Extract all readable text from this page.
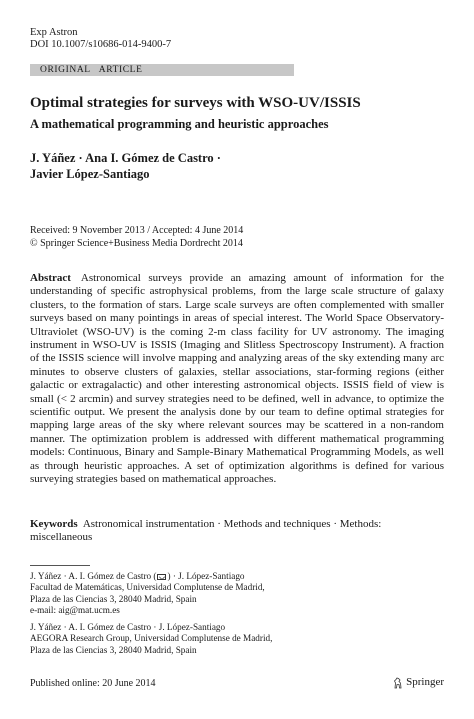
Exp Astron
DOI 10.1007/s10686-014-9400-7
ORIGINAL   ARTICLE
Optimal strategies for surveys with WSO-UV/ISSIS
A mathematical programming and heuristic approaches
J. Yáñez · Ana I. Gómez de Castro ·
Javier López-Santiago
Received: 9 November 2013 / Accepted: 4 June 2014
© Springer Science+Business Media Dordrecht 2014
Abstract Astronomical surveys provide an amazing amount of information for the understanding of specific astrophysical problems, from the large scale structure of galaxy clusters, to the formation of stars. Large scale surveys are often complemented with smaller surveys based on many pointings in areas of special interest. The World Space Observatory-Ultraviolet (WSO-UV) is the coming 2-m class facility for UV astronomy. The imaging instrument in WSO-UV is ISSIS (Imaging and Slitless Spectroscopy Instrument). A fraction of the ISSIS science will involve mapping and analyzing areas of the sky extending many arc minutes to observe clusters of galaxies, stellar associations, star-forming regions (either galactic or extragalactic) and other interesting astronomical objects. ISSIS field of view is small (< 2 arcmin) and survey strategies need to be defined, well in advance, to optimize the scientific output. We present the analysis done by our team to define optimal strategies for mapping large areas of the sky where relevant sources may be scattered in a non-random manner. The optimization problem is addressed with different mathematical programming models: Continuous, Binary and Sample-Binary Mathematical Programming Models, as well as through heuristic approaches. A set of optimization algorithms is defined for various surveying strategies based on mathematical approaches.
Keywords Astronomical instrumentation · Methods and techniques · Methods: miscellaneous
J. Yáñez · A. I. Gómez de Castro ( ) · J. López-Santiago
Facultad de Matemáticas, Universidad Complutense de Madrid,
Plaza de las Ciencias 3, 28040 Madrid, Spain
e-mail: aig@mat.ucm.es
J. Yáñez · A. I. Gómez de Castro · J. López-Santiago
AEGORA Research Group, Universidad Complutense de Madrid,
Plaza de las Ciencias 3, 28040 Madrid, Spain
Published online: 20 June 2014	Springer
